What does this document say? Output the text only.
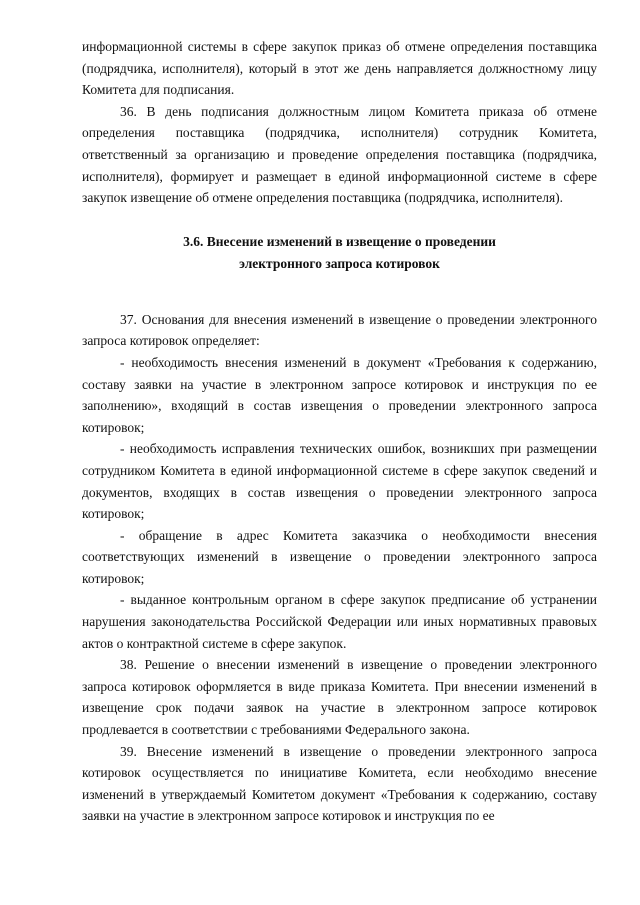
информационной системы в сфере закупок приказ об отмене определения поставщика (подрядчика, исполнителя), который в этот же день направляется должностному лицу Комитета для подписания.

36. В день подписания должностным лицом Комитета приказа об отмене определения поставщика (подрядчика, исполнителя) сотрудник Комитета, ответственный за организацию и проведение определения поставщика (подрядчика, исполнителя), формирует и размещает в единой информационной системе в сфере закупок извещение об отмене определения поставщика (подрядчика, исполнителя).

3.6. Внесение изменений в извещение о проведении
электронного запроса котировок

37. Основания для внесения изменений в извещение о проведении электронного запроса котировок определяет:

- необходимость внесения изменений в документ «Требования к содержанию, составу заявки на участие в электронном запросе котировок и инструкция по ее заполнению», входящий в состав извещения о проведении электронного запроса котировок;

- необходимость исправления технических ошибок, возникших при размещении сотрудником Комитета в единой информационной системе в сфере закупок сведений и документов, входящих в состав извещения о проведении электронного запроса котировок;

- обращение в адрес Комитета заказчика о необходимости внесения соответствующих изменений в извещение о проведении электронного запроса котировок;

- выданное контрольным органом в сфере закупок предписание об устранении нарушения законодательства Российской Федерации или иных нормативных правовых актов о контрактной системе в сфере закупок.

38. Решение о внесении изменений в извещение о проведении электронного запроса котировок оформляется в виде приказа Комитета. При внесении изменений в извещение срок подачи заявок на участие в электронном запросе котировок продлевается в соответствии с требованиями Федерального закона.

39. Внесение изменений в извещение о проведении электронного запроса котировок осуществляется по инициативе Комитета, если необходимо внесение изменений в утверждаемый Комитетом документ «Требования к содержанию, составу заявки на участие в электронном запросе котировок и инструкция по ее
